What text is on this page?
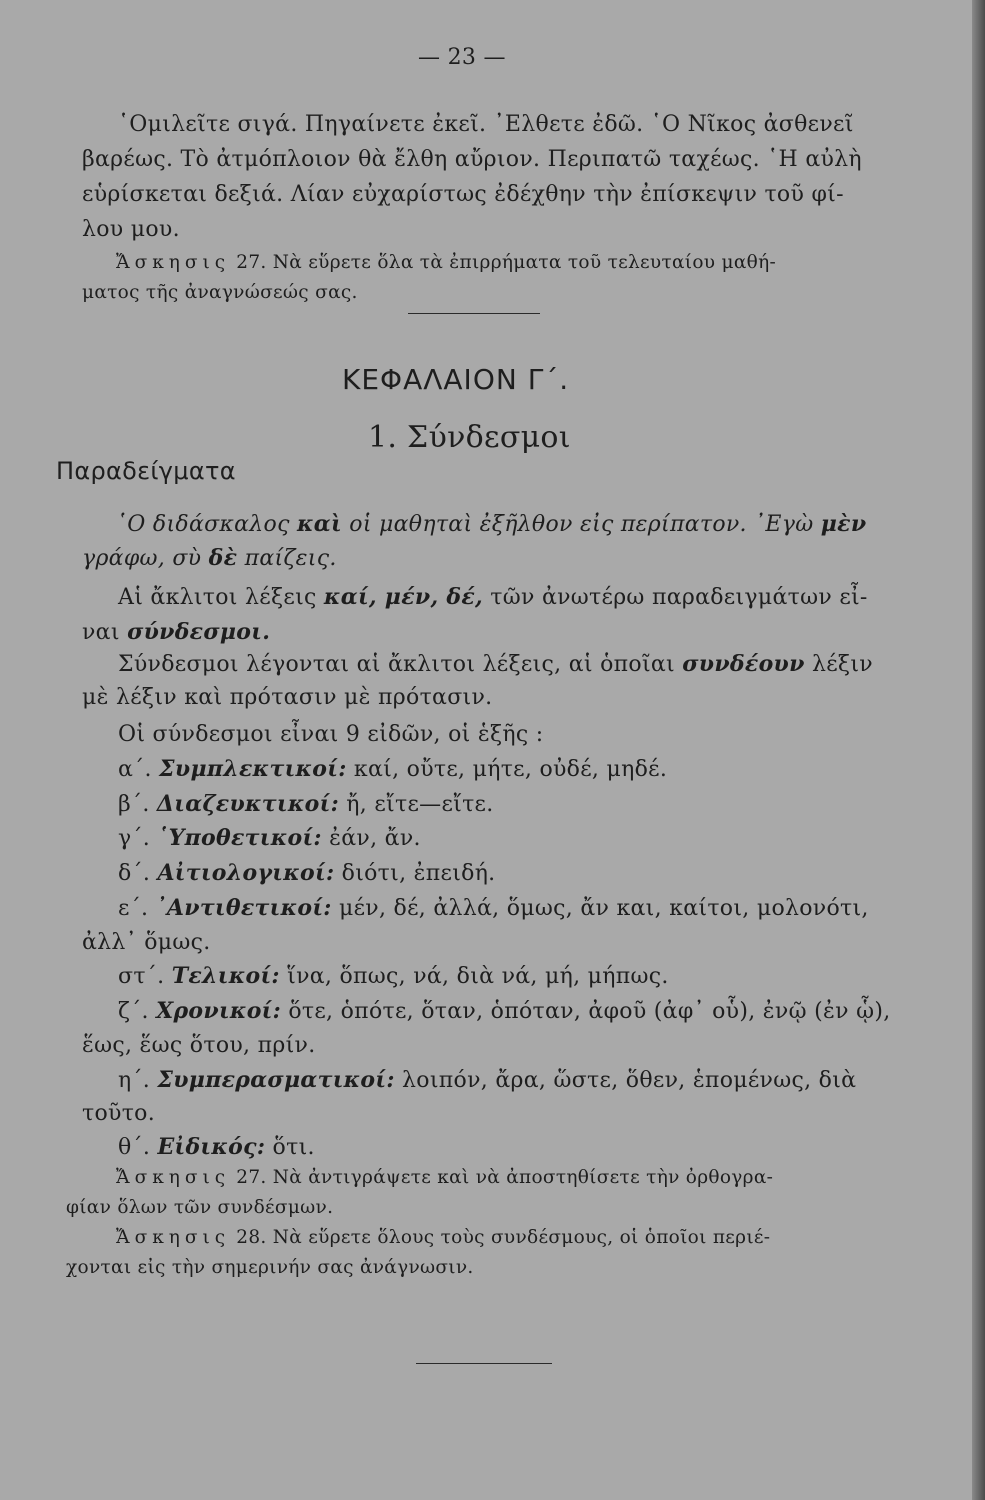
— 23 —
῾Ομιλεῖτε σιγά. Πηγαίνετε ἐκεῖ. ᾿Ελθετε ἐδῶ. ῾Ο Νῖκος ἀσθενεῖ
βαρέως. Τὸ ἀτμόπλοιον θὰ ἔλθη αὔριον. Περιπατῶ ταχέως. ῾Η αὐλὴ
εὑρίσκεται δεξιά. Λίαν εὐχαρίστως ἐδέχθην τὴν ἐπίσκεψιν τοῦ φί-
λου μου.
Ἄσκησις 27. Νὰ εὕρετε ὅλα τὰ ἐπιρρήματα τοῦ τελευταίου μαθή-
ματος τῆς ἀναγνώσεώς σας.
ΚΕΦΑΛΑΙΟΝ Γ΄.
1. Σύνδεσμοι
Παραδείγματα
῾Ο διδάσκαλος καὶ οἱ μαθηταὶ ἐξῆλθον εἰς περίπατον. ᾿Εγὼ μὲν
γράφω, σὺ δὲ παίζεις.
Αἱ ἄκλιτοι λέξεις καί, μέν, δέ, τῶν ἀνωτέρω παραδειγμάτων εἶ-
ναι σύνδεσμοι.
Σύνδεσμοι λέγονται αἱ ἄκλιτοι λέξεις, αἱ ὁποῖαι συνδέουν λέξιν
μὲ λέξιν καὶ πρότασιν μὲ πρότασιν.
Οἱ σύνδεσμοι εἶναι 9 εἰδῶν, οἱ ἑξῆς :
α΄. Συμπλεκτικοί: καί, οὔτε, μήτε, οὐδέ, μηδέ.
β΄. Διαζευκτικοί: ἤ, εἴτε—εἴτε.
γ΄. ῾Υποθετικοί: ἐάν, ἄν.
δ΄. Αἰτιολογικοί: διότι, ἐπειδή.
ε΄. ᾿Αντιθετικοί: μέν, δέ, ἀλλά, ὅμως, ἄν και, καίτοι, μολονότι,
ἀλλ᾿ ὅμως.
στ΄. Τελικοί: ἵνα, ὅπως, νά, διὰ νά, μή, μήπως.
ζ΄. Χρονικοί: ὅτε, ὁπότε, ὅταν, ὁπόταν, ἀφοῦ (ἀφ᾿ οὗ), ἐνῷ (ἐν ᾧ),
ἕως, ἕως ὅτου, πρίν.
η΄. Συμπερασματικοί: λοιπόν, ἄρα, ὥστε, ὅθεν, ἑπομένως, διὰ
τοῦτο.
θ΄. Εἰδικός: ὅτι.
Ἄσκησις 27. Νὰ ἀντιγράψετε καὶ νὰ ἀποστηθίσετε τὴν ὀρθογρα-
φίαν ὅλων τῶν συνδέσμων.
Ἄσκησις 28. Νὰ εὕρετε ὅλους τοὺς συνδέσμους, οἱ ὁποῖοι περιέ-
χονται εἰς τὴν σημερινήν σας ἀνάγνωσιν.
